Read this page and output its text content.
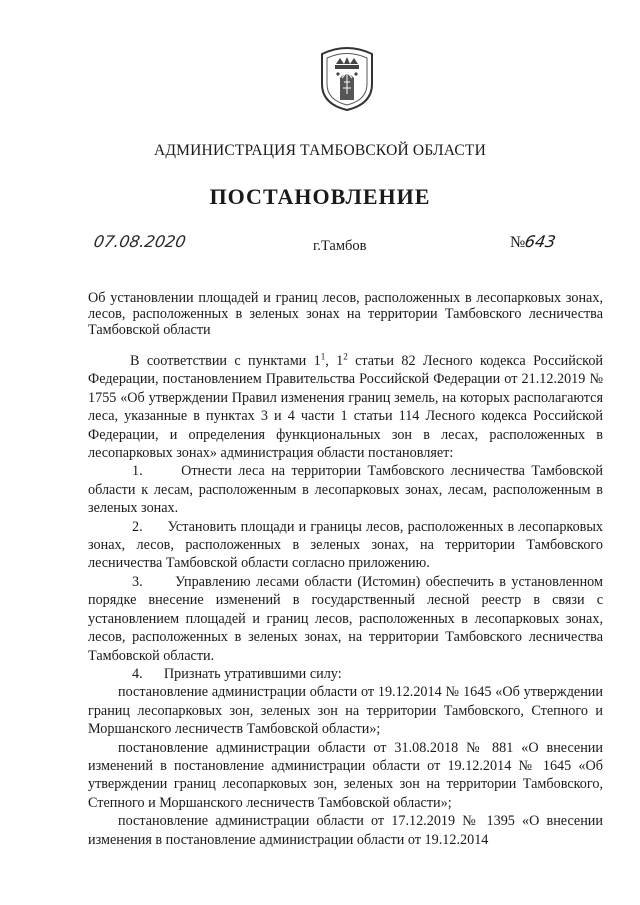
АДМИНИСТРАЦИЯ ТАМБОВСКОЙ ОБЛАСТИ
ПОСТАНОВЛЕНИЕ
07.08.2020	г.Тамбов	№643
Об установлении площадей и границ лесов, расположенных в лесопарковых зонах, лесов, расположенных в зеленых зонах на территории Тамбовского лесничества Тамбовской области

В соответствии с пунктами $1^1$, $1^2$ статьи 82 Лесного кодекса Российской Федерации, постановлением Правительства Российской Федерации от 21.12.2019 № 1755 «Об утверждении Правил изменения границ земель, на которых располагаются леса, указанные в пунктах 3 и 4 части 1 статьи 114 Лесного кодекса Российской Федерации, и определения функциональных зон в лесах, расположенных в лесопарковых зонах» администрация области постановляет:

1.      Отнести леса на территории Тамбовского лесничества Тамбовской области к лесам, расположенным в лесопарковых зонах, лесам, расположенным в зеленых зонах.

2.      Установить площади и границы лесов, расположенных в лесопарковых зонах, лесов, расположенных в зеленых зонах, на территории Тамбовского лесничества Тамбовской области согласно приложению.

3.      Управлению лесами области (Истомин) обеспечить в установленном порядке внесение изменений в государственный лесной реестр в связи с установлением площадей и границ лесов, расположенных в лесопарковых зонах, лесов, расположенных в зеленых зонах, на территории Тамбовского лесничества Тамбовской области.

4.      Признать утратившими силу:

постановление администрации области от 19.12.2014 № 1645 «Об утверждении границ лесопарковых зон, зеленых зон на территории Тамбовского, Степного и Моршанского лесничеств Тамбовской области»;

постановление администрации области от 31.08.2018 № 881 «О внесении изменений в постановление администрации области от 19.12.2014 № 1645 «Об утверждении границ лесопарковых зон, зеленых зон на территории Тамбовского, Степного и Моршанского лесничеств Тамбовской области»;

постановление администрации области от 17.12.2019 № 1395 «О внесении изменения в постановление администрации области от 19.12.2014
